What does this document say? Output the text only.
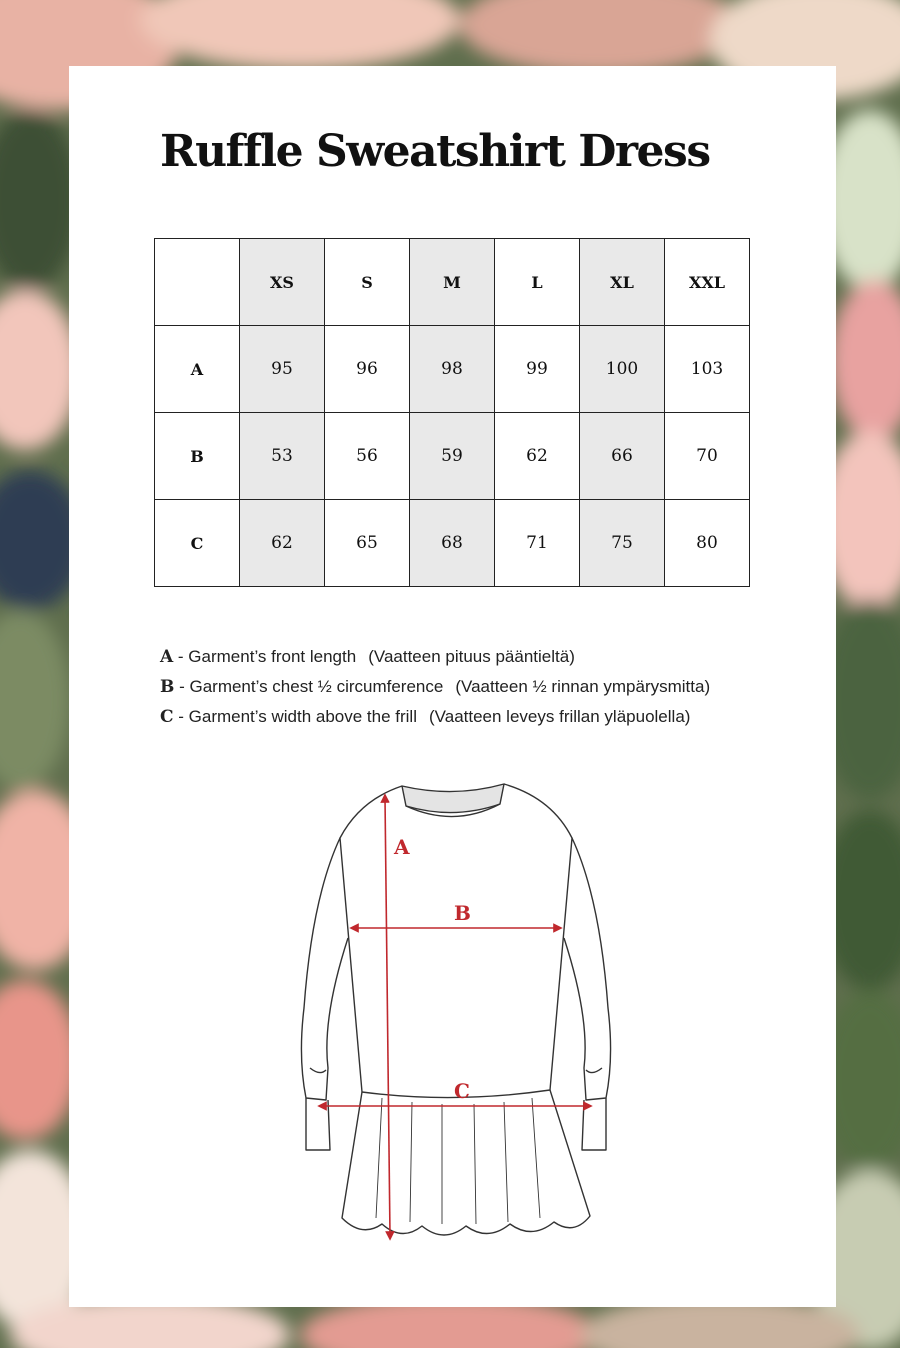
Ruffle Sweatshirt Dress
	XS	S	M	L	XL	XXL
A	95	96	98	99	100	103
B	53	56	59	62	66	70
C	62	65	68	71	75	80
A - Garment’s front length (Vaatteen pituus pääntieltä)
B - Garment’s chest ½ circumference (Vaatteen ½ rinnan ympärysmitta)
C - Garment’s width above the frill (Vaatteen leveys frillan yläpuolella)
A
B
C
